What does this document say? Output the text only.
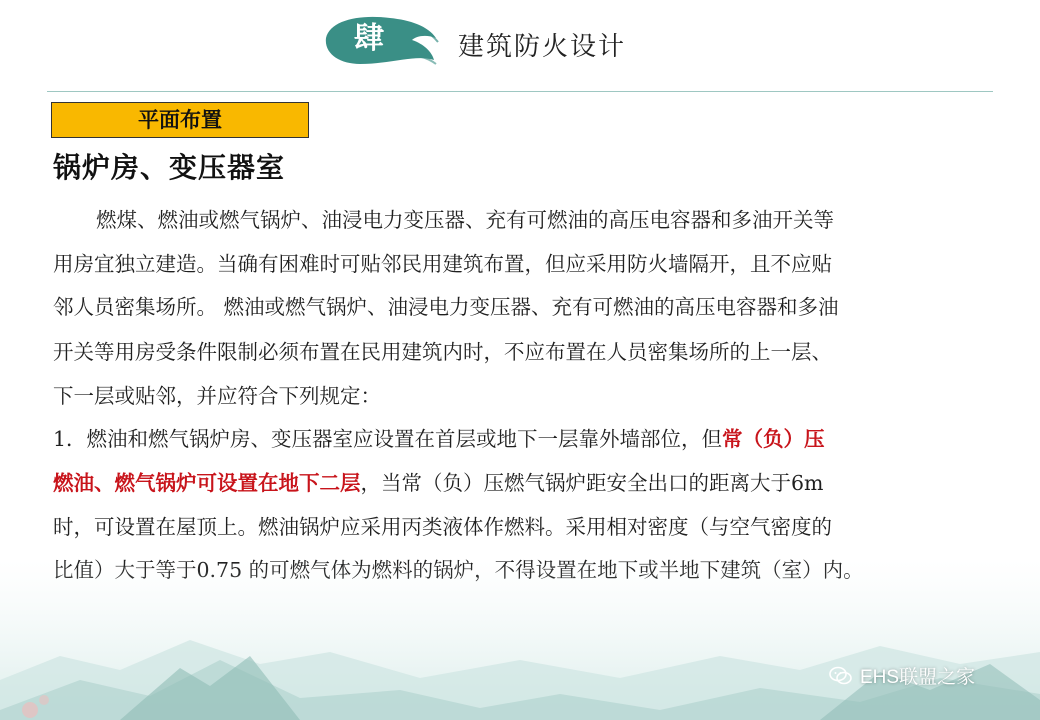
肆	建筑防火设计
平面布置
锅炉房、变压器室
燃煤、燃油或燃气锅炉、油浸电力变压器、充有可燃油的高压电容器和多油开关等
用房宜独立建造。当确有困难时可贴邻民用建筑布置，但应采用防火墙隔开，且不应贴
邻人员密集场所。 燃油或燃气锅炉、油浸电力变压器、充有可燃油的高压电容器和多油
开关等用房受条件限制必须布置在民用建筑内时，不应布置在人员密集场所的上一层、
下一层或贴邻，并应符合下列规定：
1．燃油和燃气锅炉房、变压器室应设置在首层或地下一层靠外墙部位，但常（负）压
燃油、燃气锅炉可设置在地下二层，当常（负）压燃气锅炉距安全出口的距离大于6m
时，可设置在屋顶上。燃油锅炉应采用丙类液体作燃料。采用相对密度（与空气密度的
EHS联盟之家
